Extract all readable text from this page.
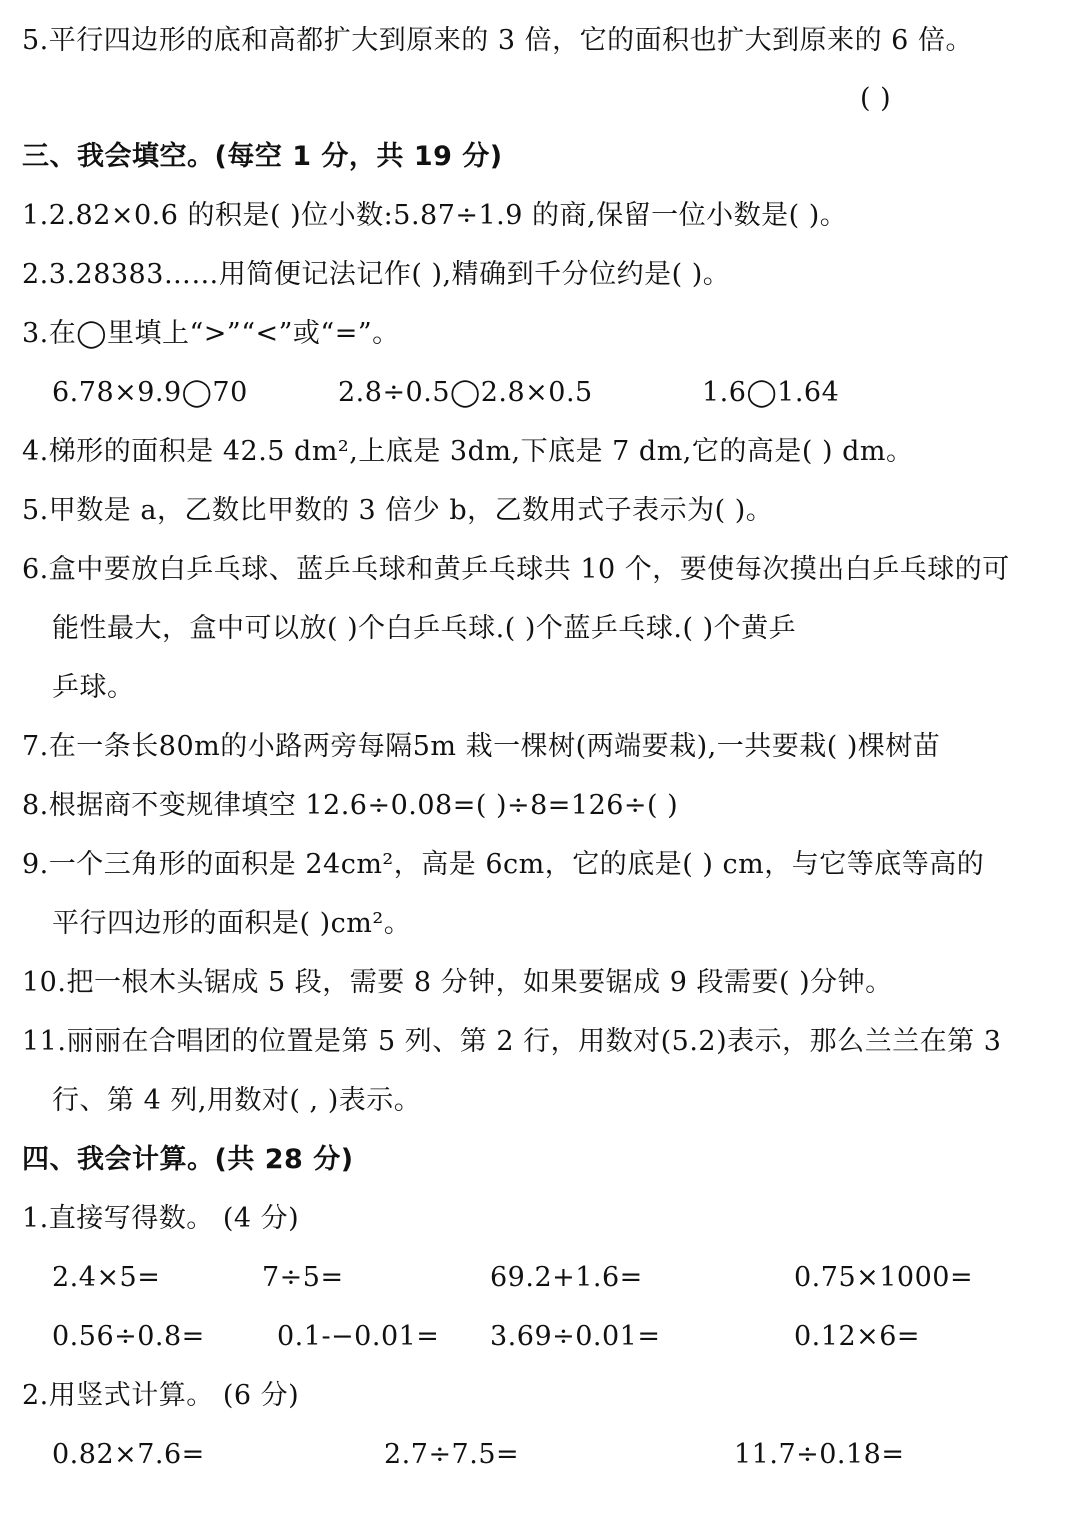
5.平行四边形的底和高都扩大到原来的 3 倍，它的面积也扩大到原来的 6 倍。
( )
三、我会填空。(每空 1 分，共 19 分)
1.2.82×0.6 的积是( )位小数:5.87÷1.9 的商,保留一位小数是( )。
2.3.28383……用简便记法记作( ),精确到千分位约是( )。
3.在◯里填上“>”“<”或“=”。
6.78×9.9◯70	2.8÷0.5◯2.8×0.5	1.6◯1.64
4.梯形的面积是 42.5 dm²,上底是 3dm,下底是 7 dm,它的高是( ) dm。
5.甲数是 a，乙数比甲数的 3 倍少 b，乙数用式子表示为( )。
6.盒中要放白乒乓球、蓝乒乓球和黄乒乓球共 10 个，要使每次摸出白乒乓球的可
能性最大，盒中可以放( )个白乒乓球.( )个蓝乒乓球.( )个黄乒
乒球。
7.在一条长80m的小路两旁每隔5m 栽一棵树(两端要栽),一共要栽( )棵树苗
8.根据商不变规律填空 12.6÷0.08=( )÷8=126÷( )
9.一个三角形的面积是 24cm²，高是 6cm，它的底是( ) cm，与它等底等高的
平行四边形的面积是( )cm²。
10.把一根木头锯成 5 段，需要 8 分钟，如果要锯成 9 段需要( )分钟。
11.丽丽在合唱团的位置是第 5 列、第 2 行，用数对(5.2)表示，那么兰兰在第 3
行、第 4 列,用数对( , )表示。
四、我会计算。(共 28 分)
1.直接写得数。 (4 分)
2.4×5=	7÷5=	69.2+1.6=	0.75×1000=
0.56÷0.8=	0.1-−0.01= 3.69÷0.01=	0.12×6=
2.用竖式计算。 (6 分)
0.82×7.6=	2.7÷7.5=	11.7÷0.18=
